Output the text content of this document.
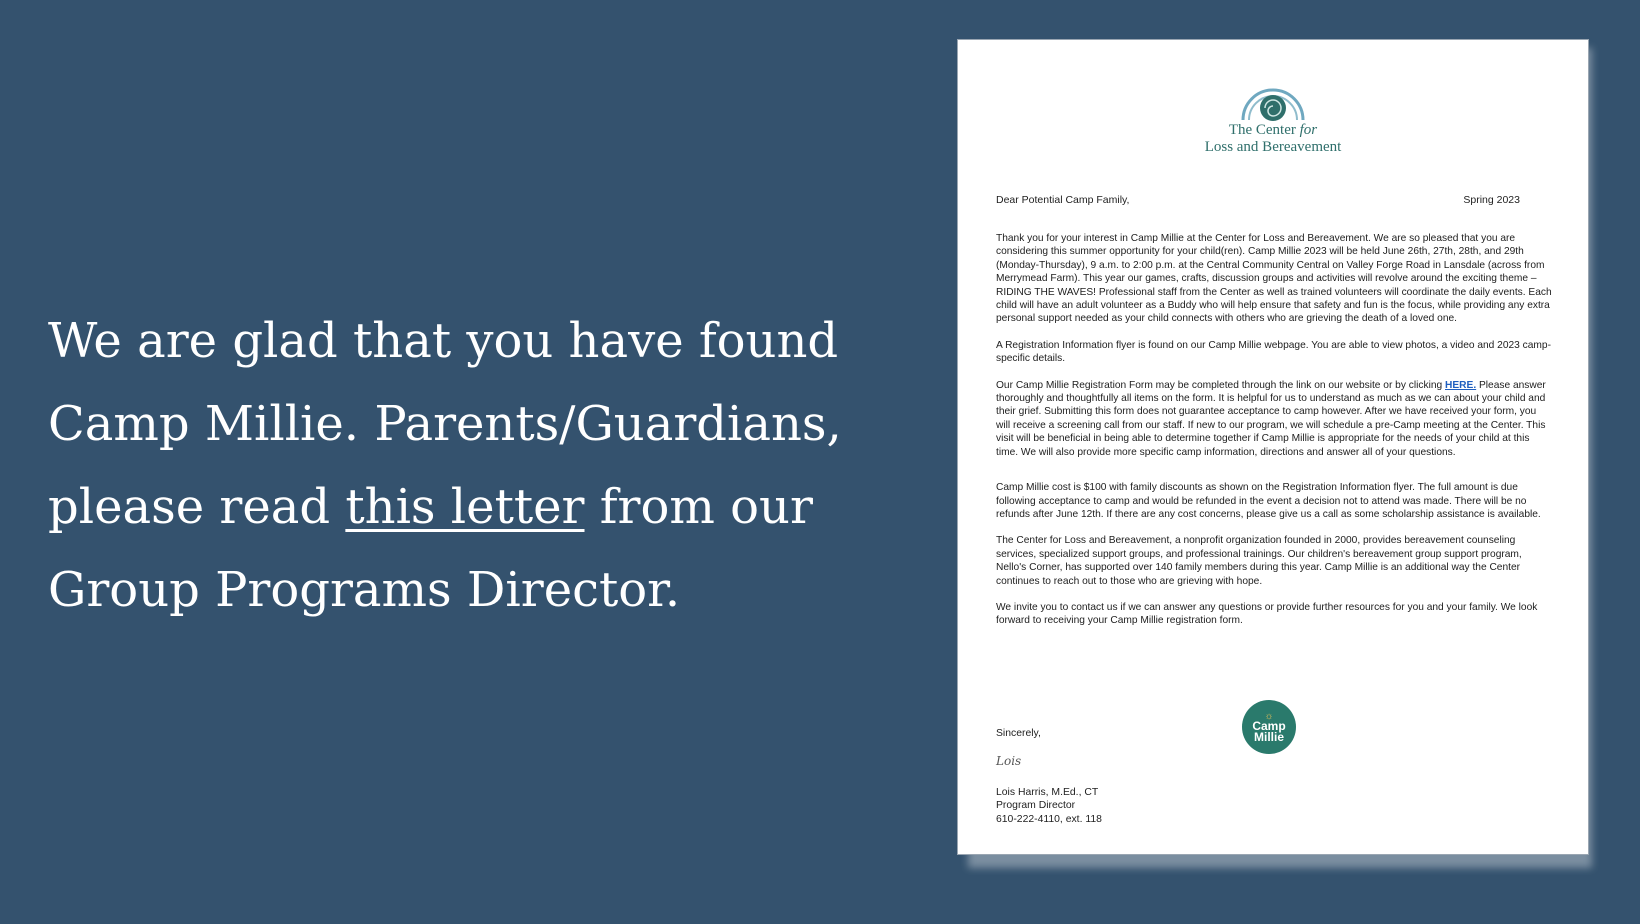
We are glad that you have found Camp Millie. Parents/Guardians, please read this letter from our Group Programs Director.
The Center for
Loss and Bereavement
Dear Potential Camp Family,	Spring 2023

Thank you for your interest in Camp Millie at the Center for Loss and Bereavement. We are so pleased that you are considering this summer opportunity for your child(ren). Camp Millie 2023 will be held June 26th, 27th, 28th, and 29th (Monday-Thursday), 9 a.m. to 2:00 p.m. at the Central Community Central on Valley Forge Road in Lansdale (across from Merrymead Farm). This year our games, crafts, discussion groups and activities will revolve around the exciting theme – RIDING THE WAVES! Professional staff from the Center as well as trained volunteers will coordinate the daily events. Each child will have an adult volunteer as a Buddy who will help ensure that safety and fun is the focus, while providing any extra personal support needed as your child connects with others who are grieving the death of a loved one.

A Registration Information flyer is found on our Camp Millie webpage. You are able to view photos, a video and 2023 camp-specific details.

Our Camp Millie Registration Form may be completed through the link on our website or by clicking HERE. Please answer thoroughly and thoughtfully all items on the form. It is helpful for us to understand as much as we can about your child and their grief. Submitting this form does not guarantee acceptance to camp however. After we have received your form, you will receive a screening call from our staff. If new to our program, we will schedule a pre-Camp meeting at the Center. This visit will be beneficial in being able to determine together if Camp Millie is appropriate for the needs of your child at this time. We will also provide more specific camp information, directions and answer all of your questions.

Camp Millie cost is $100 with family discounts as shown on the Registration Information flyer. The full amount is due following acceptance to camp and would be refunded in the event a decision not to attend was made. There will be no refunds after June 12th. If there are any cost concerns, please give us a call as some scholarship assistance is available.

The Center for Loss and Bereavement, a nonprofit organization founded in 2000, provides bereavement counseling services, specialized support groups, and professional trainings. Our children's bereavement group support program, Nello's Corner, has supported over 140 family members during this year. Camp Millie is an additional way the Center continues to reach out to those who are grieving with hope.

We invite you to contact us if we can answer any questions or provide further resources for you and your family. We look forward to receiving your Camp Millie registration form.

Sincerely,
Lois
Lois Harris, M.Ed., CT
Program Director
610-222-4110, ext. 118
☼
Camp
Millie
